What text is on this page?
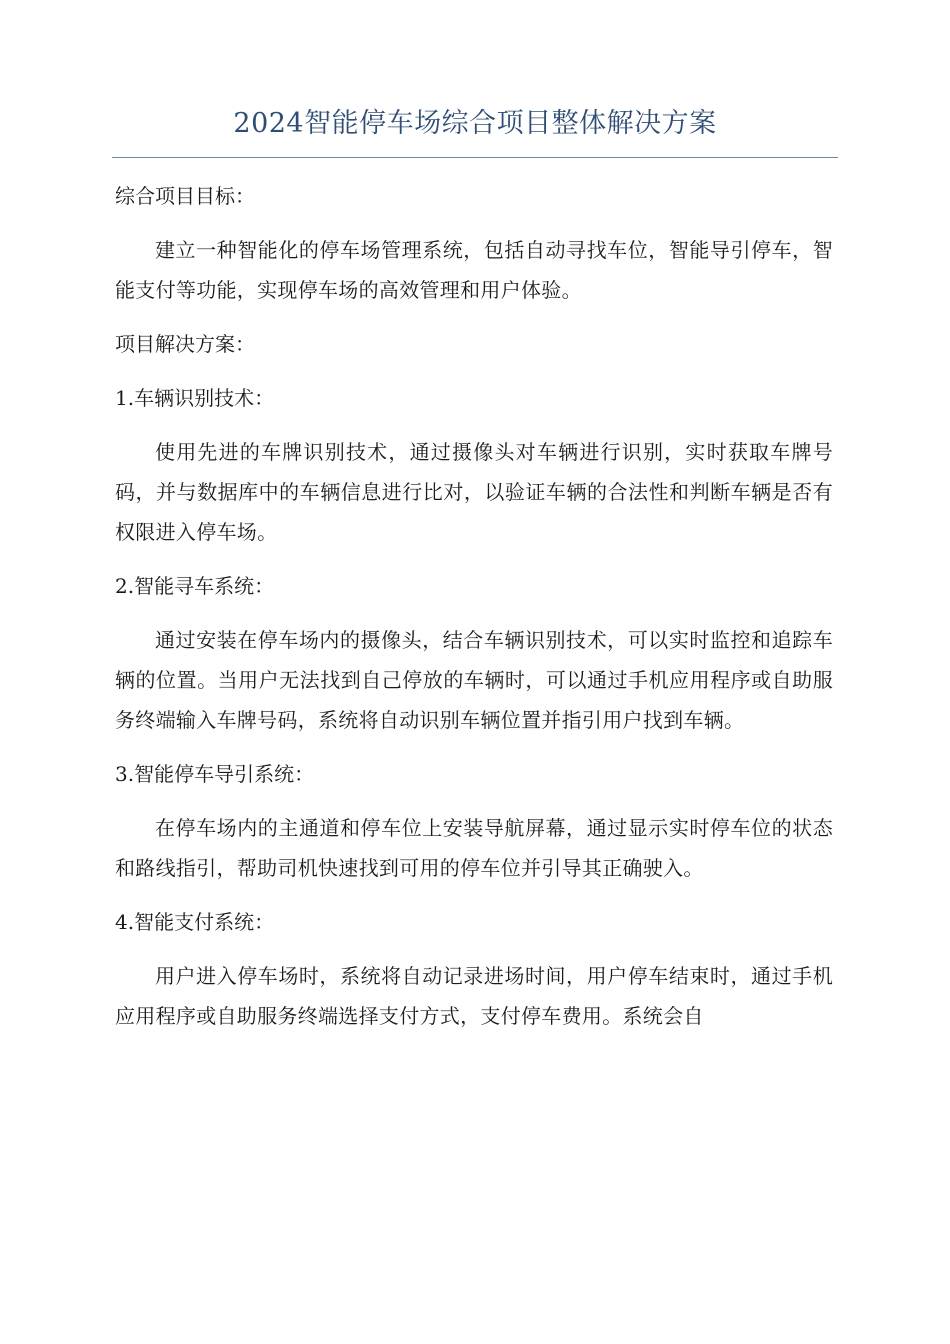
2024智能停车场综合项目整体解决方案
综合项目目标：
建立一种智能化的停车场管理系统，包括自动寻找车位，智能导引停车，智能支付等功能，实现停车场的高效管理和用户体验。
项目解决方案：
1.车辆识别技术：
使用先进的车牌识别技术，通过摄像头对车辆进行识别，实时获取车牌号码，并与数据库中的车辆信息进行比对，以验证车辆的合法性和判断车辆是否有权限进入停车场。
2.智能寻车系统：
通过安装在停车场内的摄像头，结合车辆识别技术，可以实时监控和追踪车辆的位置。当用户无法找到自己停放的车辆时，可以通过手机应用程序或自助服务终端输入车牌号码，系统将自动识别车辆位置并指引用户找到车辆。
3.智能停车导引系统：
在停车场内的主通道和停车位上安装导航屏幕，通过显示实时停车位的状态和路线指引，帮助司机快速找到可用的停车位并引导其正确驶入。
4.智能支付系统：
用户进入停车场时，系统将自动记录进场时间，用户停车结束时，通过手机应用程序或自助服务终端选择支付方式，支付停车费用。系统会自
